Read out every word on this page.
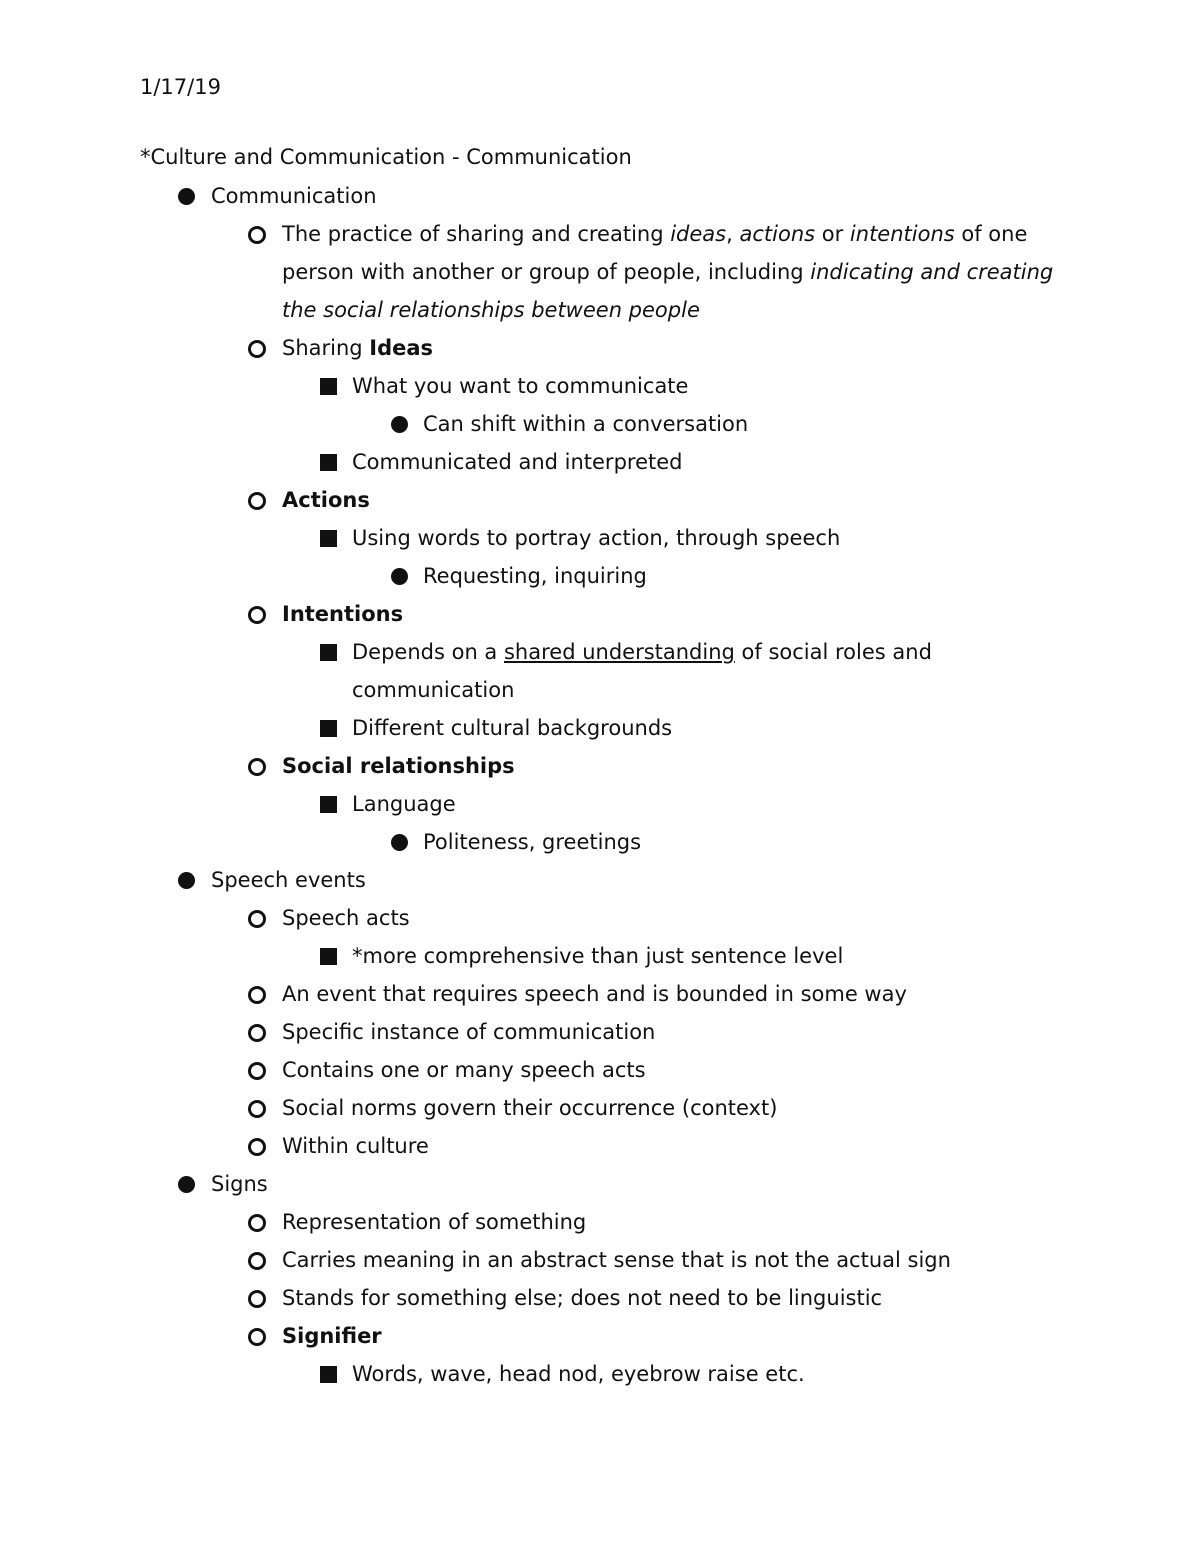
1/17/19
*Culture and Communication - Communication
Communication
The practice of sharing and creating ideas, actions or intentions of one person with another or group of people, including indicating and creating the social relationships between people
Sharing Ideas
What you want to communicate
Can shift within a conversation
Communicated and interpreted
Actions
Using words to portray action, through speech
Requesting, inquiring
Intentions
Depends on a shared understanding of social roles and communication
Different cultural backgrounds
Social relationships
Language
Politeness, greetings
Speech events
Speech acts
*more comprehensive than just sentence level
An event that requires speech and is bounded in some way
Specific instance of communication
Contains one or many speech acts
Social norms govern their occurrence (context)
Within culture
Signs
Representation of something
Carries meaning in an abstract sense that is not the actual sign
Stands for something else; does not need to be linguistic
Signifier
Words, wave, head nod, eyebrow raise etc.
